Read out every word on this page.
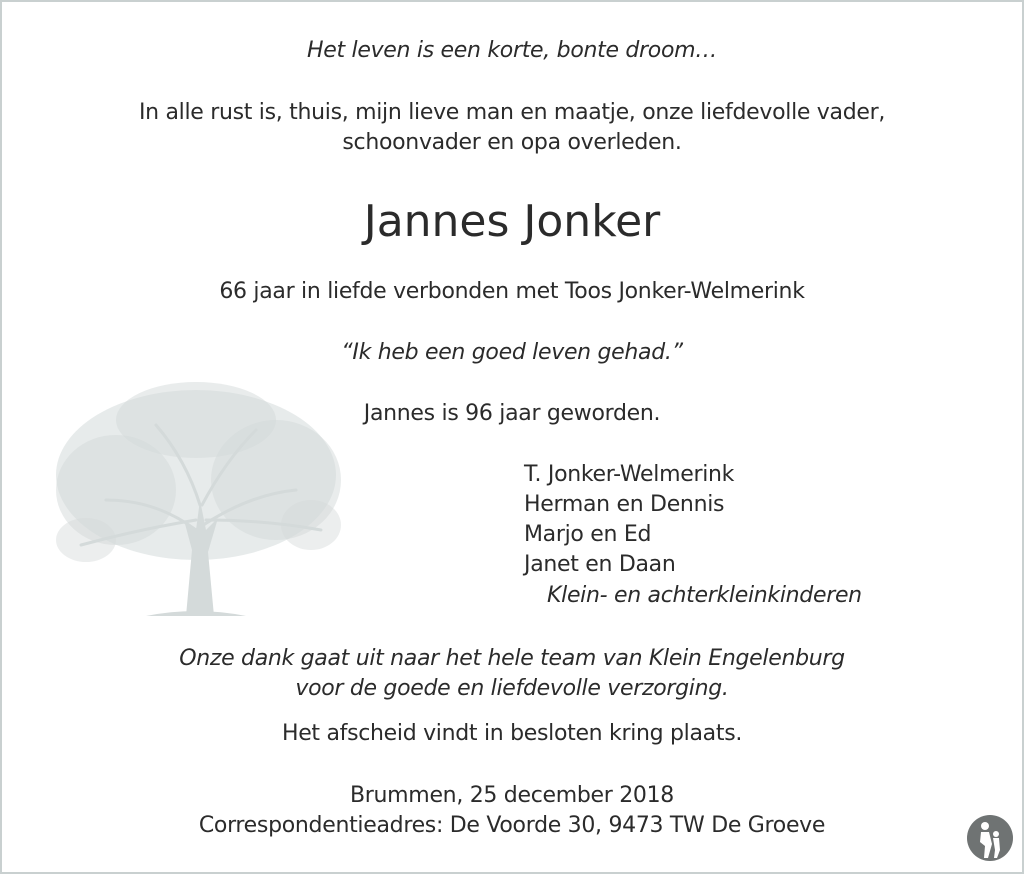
Het leven is een korte, bonte droom…
In alle rust is, thuis, mijn lieve man en maatje, onze liefdevolle vader,
schoonvader en opa overleden.
Jannes Jonker
66 jaar in liefde verbonden met Toos Jonker-Welmerink
“Ik heb een goed leven gehad.”
Jannes is 96 jaar geworden.
T. Jonker-Welmerink
Herman en Dennis
Marjo en Ed
Janet en Daan
Klein- en achterkleinkinderen
Onze dank gaat uit naar het hele team van Klein Engelenburg
voor de goede en liefdevolle verzorging.
Het afscheid vindt in besloten kring plaats.
Brummen, 25 december 2018
Correspondentieadres: De Voorde 30, 9473 TW De Groeve
